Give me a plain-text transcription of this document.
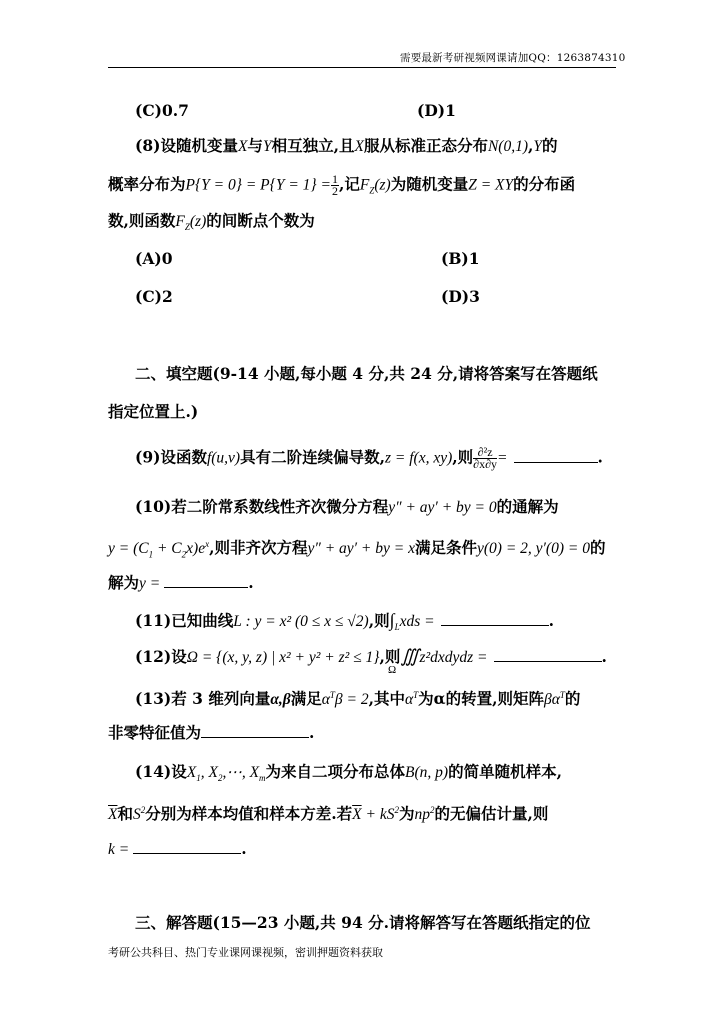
需要最新考研视频网课请加QQ：1263874310
(C)0.7	(D)1
(8)设随机变量X与Y相互独立,且X服从标准正态分布N(0,1),Y的
概率分布为$P\{Y = 0\} = P\{Y = 1\} = \frac{1}{2}$ ,记$F_Z(z)$为随机变量Z = XY的分布函
数,则函数$F_Z(z)$的间断点个数为
(A)0	(B)1
(C)2	(D)3
二、填空题(9-14 小题,每小题 4 分,共 24 分,请将答案写在答题纸
指定位置上.)
(9)设函数f(u,v)具有二阶连续偏导数,z = f(x, xy),则 $\frac{\text{∂²z}}{\partial x\partial y}$ =	.
(10)若二阶常系数线性齐次微分方程y″ + ay′ + by = 0的通解为
$y = (C_1 + C_2x)e^x$,则非齐次方程y″ + ay′ + by = x满足条件y(0) = 2, y′(0) = 0的
解为y =	.
(11)已知曲线L : y = x² (0 ≤ x ≤ √2),则$\int_Lxds$ =	.
(12)设Ω = {(x, y, z) | x² + y² + z² ≤ 1},则∭z²dxdydz =	.
Ω
(13)若 3 维列向量α,β满足$\alpha^T\beta = 2$,其中$\alpha^T$为α的转置,则矩阵$\beta\alpha^T$的
非零特征值为	.
(14)设$X_1$, $X_2,\cdots$, $X_m$为来自二项分布总体B(n, p)的简单随机样本,
$\overline{X}$和$S^2$分别为样本均值和样本方差.若$\overline{X} + kS^2$为$np^2$的无偏估计量,则
k =	.
三、解答题(15—23 小题,共 94 分.请将解答写在答题纸指定的位
考研公共科目、热门专业课网课视频，密训押题资料获取
